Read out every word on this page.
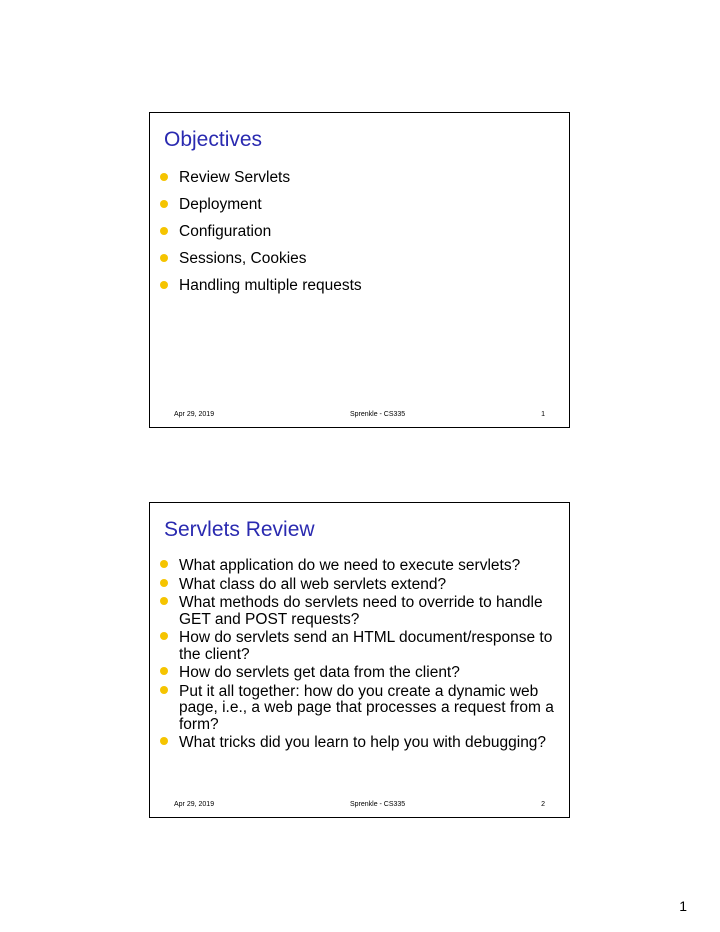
Objectives
Review Servlets
Deployment
Configuration
Sessions, Cookies
Handling multiple requests
Apr 29, 2019	Sprenkle - CS335	1
Servlets Review
What application do we need to execute servlets?
What class do all web servlets extend?
What methods do servlets need to override to handle GET and POST requests?
How do servlets send an HTML document/response to the client?
How do servlets get data from the client?
Put it all together: how do you create a dynamic web page, i.e., a web page that processes a request from a form?
What tricks did you learn to help you with debugging?
Apr 29, 2019	Sprenkle - CS335	2
1
